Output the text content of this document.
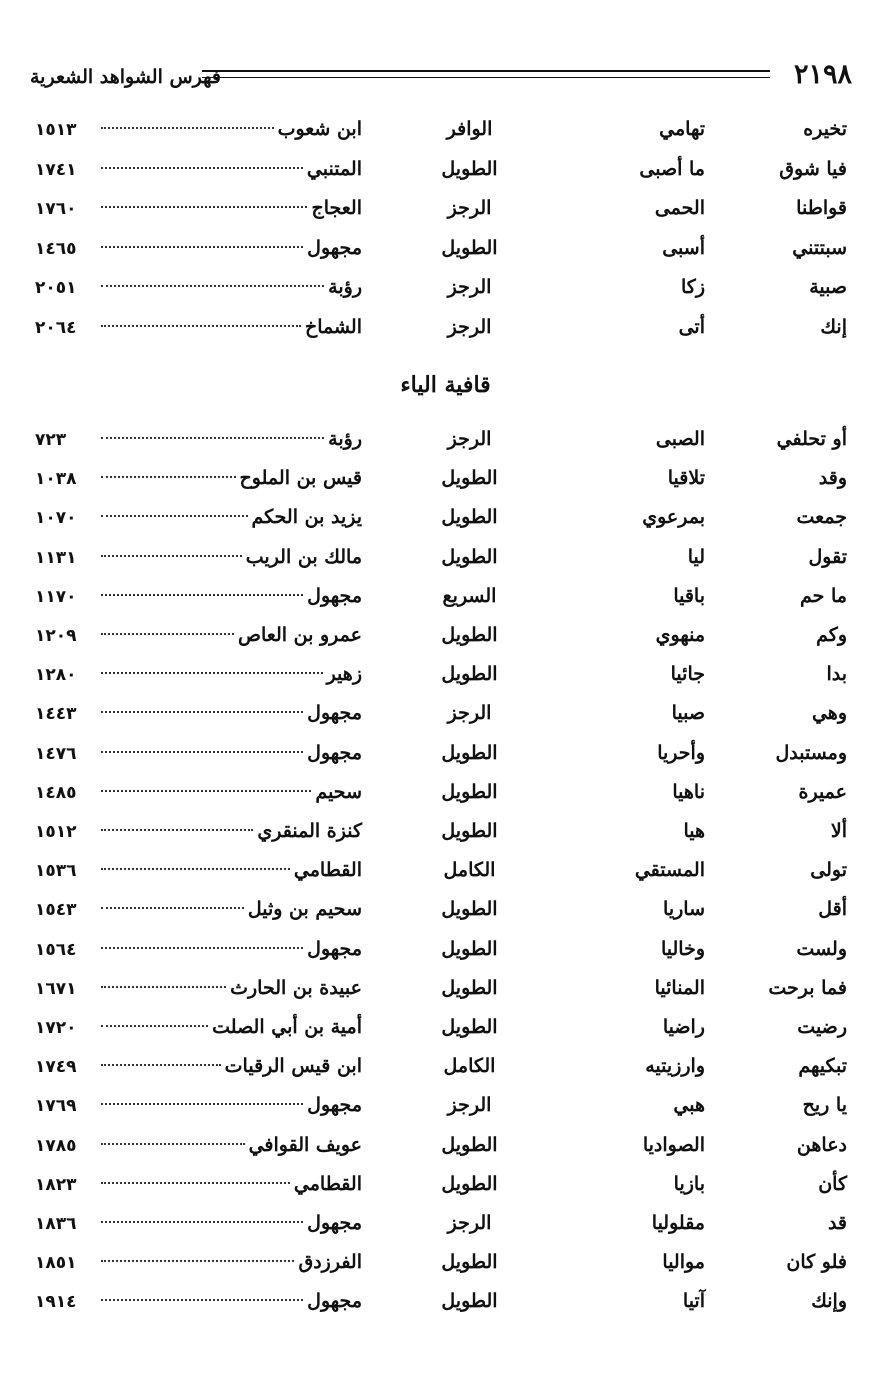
٢١٩٨
فهرس الشواهد الشعرية
تخيره
تهامي
الوافر
ابن شعوب
١٥١٣
فيا شوق
ما أصبى
الطويل
المتنبي
١٧٤١
قواطنا
الحمى
الرجز
العجاج
١٧٦٠
سبتتني
أسبى
الطويل
مجهول
١٤٦٥
صبية
زكا
الرجز
رؤبة
٢٠٥١
إنك
أتى
الرجز
الشماخ
٢٠٦٤
قافية الياء
أو تحلفي
الصبى
الرجز
رؤبة
٧٢٣
وقد
تلاقيا
الطويل
قيس بن الملوح
١٠٣٨
جمعت
بمرعوي
الطويل
يزيد بن الحكم
١٠٧٠
تقول
ليا
الطويل
مالك بن الريب
١١٣١
ما حم
باقيا
السريع
مجهول
١١٧٠
وكم
منهوي
الطويل
عمرو بن العاص
١٢٠٩
بدا
جائيا
الطويل
زهير
١٢٨٠
وهي
صبيا
الرجز
مجهول
١٤٤٣
ومستبدل
وأحريا
الطويل
مجهول
١٤٧٦
عميرة
ناهيا
الطويل
سحيم
١٤٨٥
ألا
هيا
الطويل
كنزة المنقري
١٥١٢
تولى
المستقي
الكامل
القطامي
١٥٣٦
أقل
ساريا
الطويل
سحيم بن وثيل
١٥٤٣
ولست
وخاليا
الطويل
مجهول
١٥٦٤
فما برحت
المنائيا
الطويل
عبيدة بن الحارث
١٦٧١
رضيت
راضيا
الطويل
أمية بن أبي الصلت
١٧٢٠
تبكيهم
وارزيتيه
الكامل
ابن قيس الرقيات
١٧٤٩
يا ريح
هبي
الرجز
مجهول
١٧٦٩
دعاهن
الصواديا
الطويل
عويف القوافي
١٧٨٥
كأن
بازيا
الطويل
القطامي
١٨٢٣
قد
مقلوليا
الرجز
مجهول
١٨٣٦
فلو كان
مواليا
الطويل
الفرزدق
١٨٥١
وإنك
آتيا
الطويل
مجهول
١٩١٤
